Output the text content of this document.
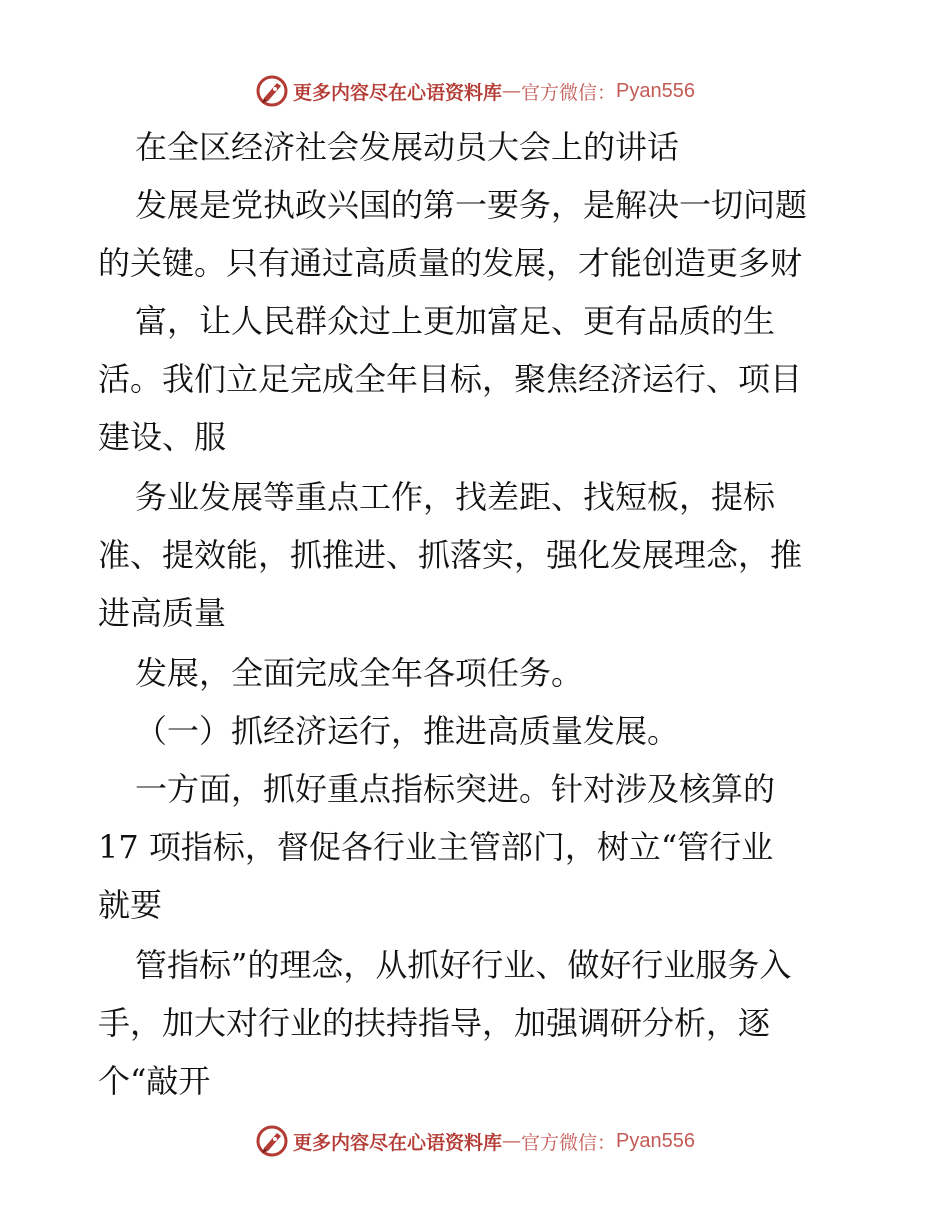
更多内容尽在心语资料库 — 官方微信： Pyan556
在全区经济社会发展动员大会上的讲话
发展是党执政兴国的第一要务，是解决一切问题
的关键。只有通过高质量的发展，才能创造更多财
富，让人民群众过上更加富足、更有品质的生
活。我们立足完成全年目标，聚焦经济运行、项目
建设、服
务业发展等重点工作，找差距、找短板，提标
准、提效能，抓推进、抓落实，强化发展理念，推
进高质量
发展，全面完成全年各项任务。
（一）抓经济运行，推进高质量发展。
一方面，抓好重点指标突进。针对涉及核算的
17 项指标，督促各行业主管部门，树立“管行业
就要
管指标”的理念，从抓好行业、做好行业服务入
手，加大对行业的扶持指导，加强调研分析，逐
个“敲开
更多内容尽在心语资料库 — 官方微信： Pyan556
